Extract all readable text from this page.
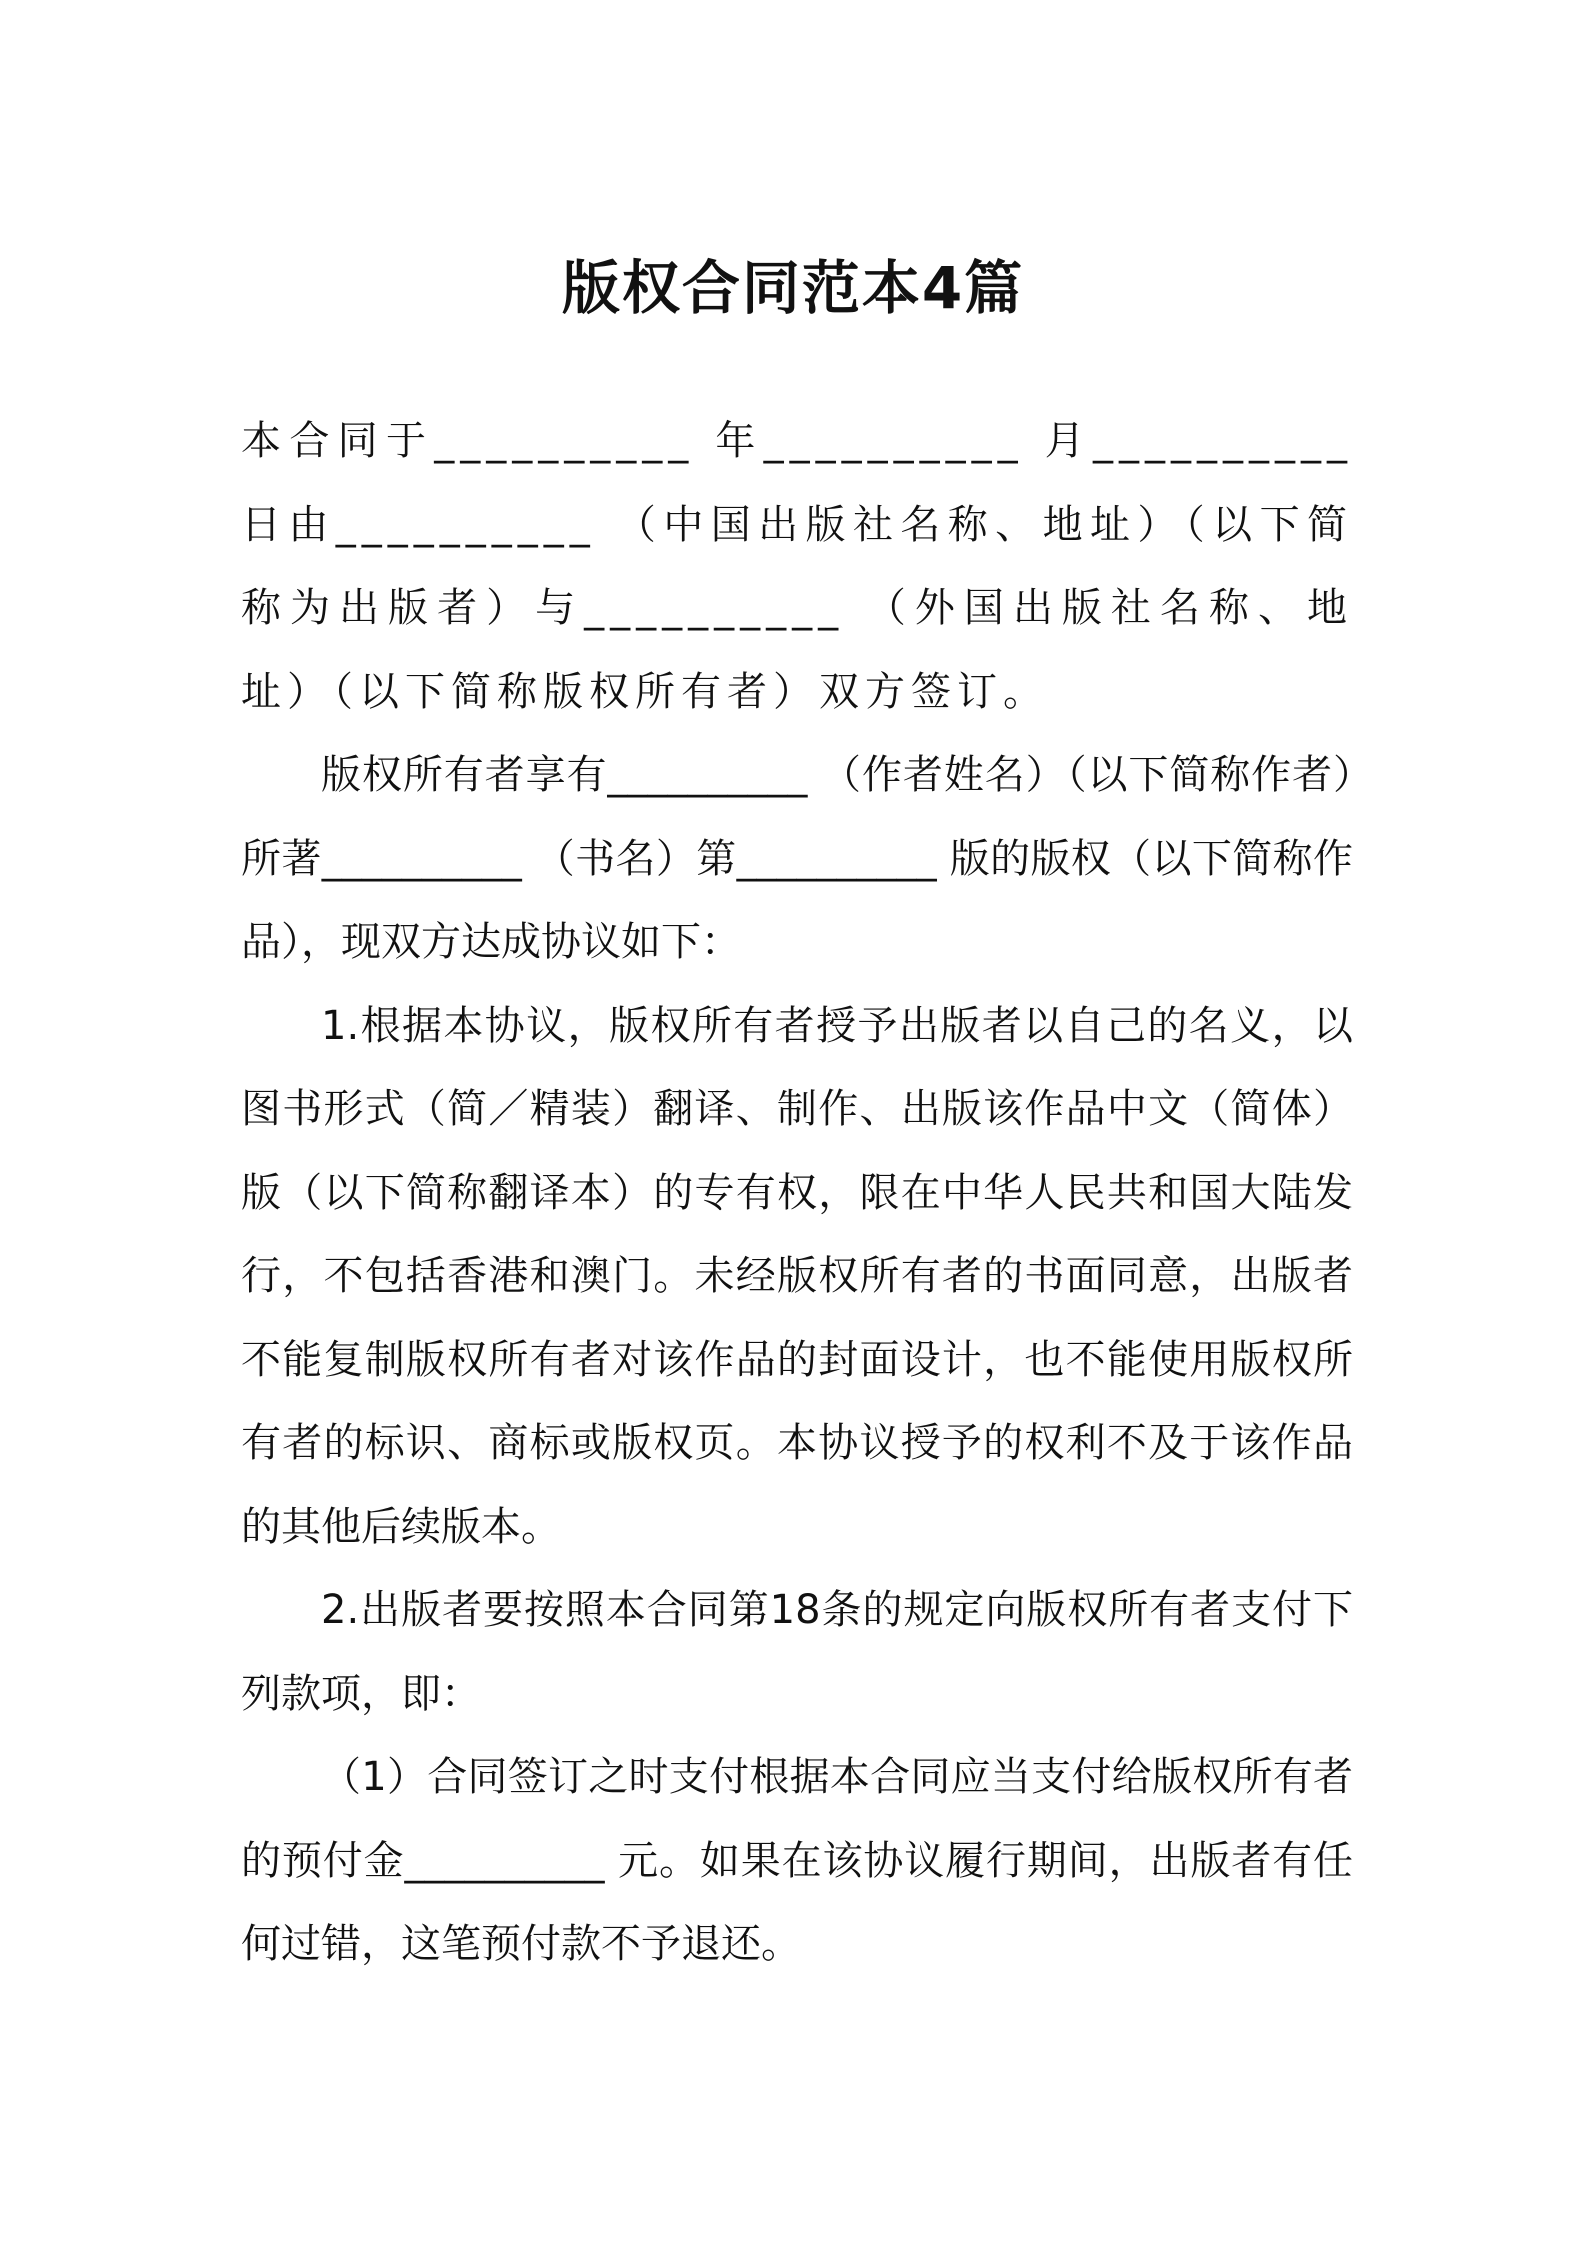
版权合同范本4篇

本合同于__________ 年__________ 月__________ 日由__________ （中国出版社名称、地址）（以下简称为出版者）与__________ （外国出版社名称、地址）（以下简称版权所有者）双方签订。

版权所有者享有__________ （作者姓名）（以下简称作者）所著__________ （书名）第__________ 版的版权（以下简称作品），现双方达成协议如下：

1.根据本协议，版权所有者授予出版者以自己的名义，以图书形式（简／精装）翻译、制作、出版该作品中文（简体）版（以下简称翻译本）的专有权，限在中华人民共和国大陆发行，不包括香港和澳门。未经版权所有者的书面同意，出版者不能复制版权所有者对该作品的封面设计，也不能使用版权所有者的标识、商标或版权页。本协议授予的权利不及于该作品的其他后续版本。

2.出版者要按照本合同第18条的规定向版权所有者支付下列款项，即：

（1）合同签订之时支付根据本合同应当支付给版权所有者的预付金__________ 元。如果在该协议履行期间，出版者有任何过错，这笔预付款不予退还。
